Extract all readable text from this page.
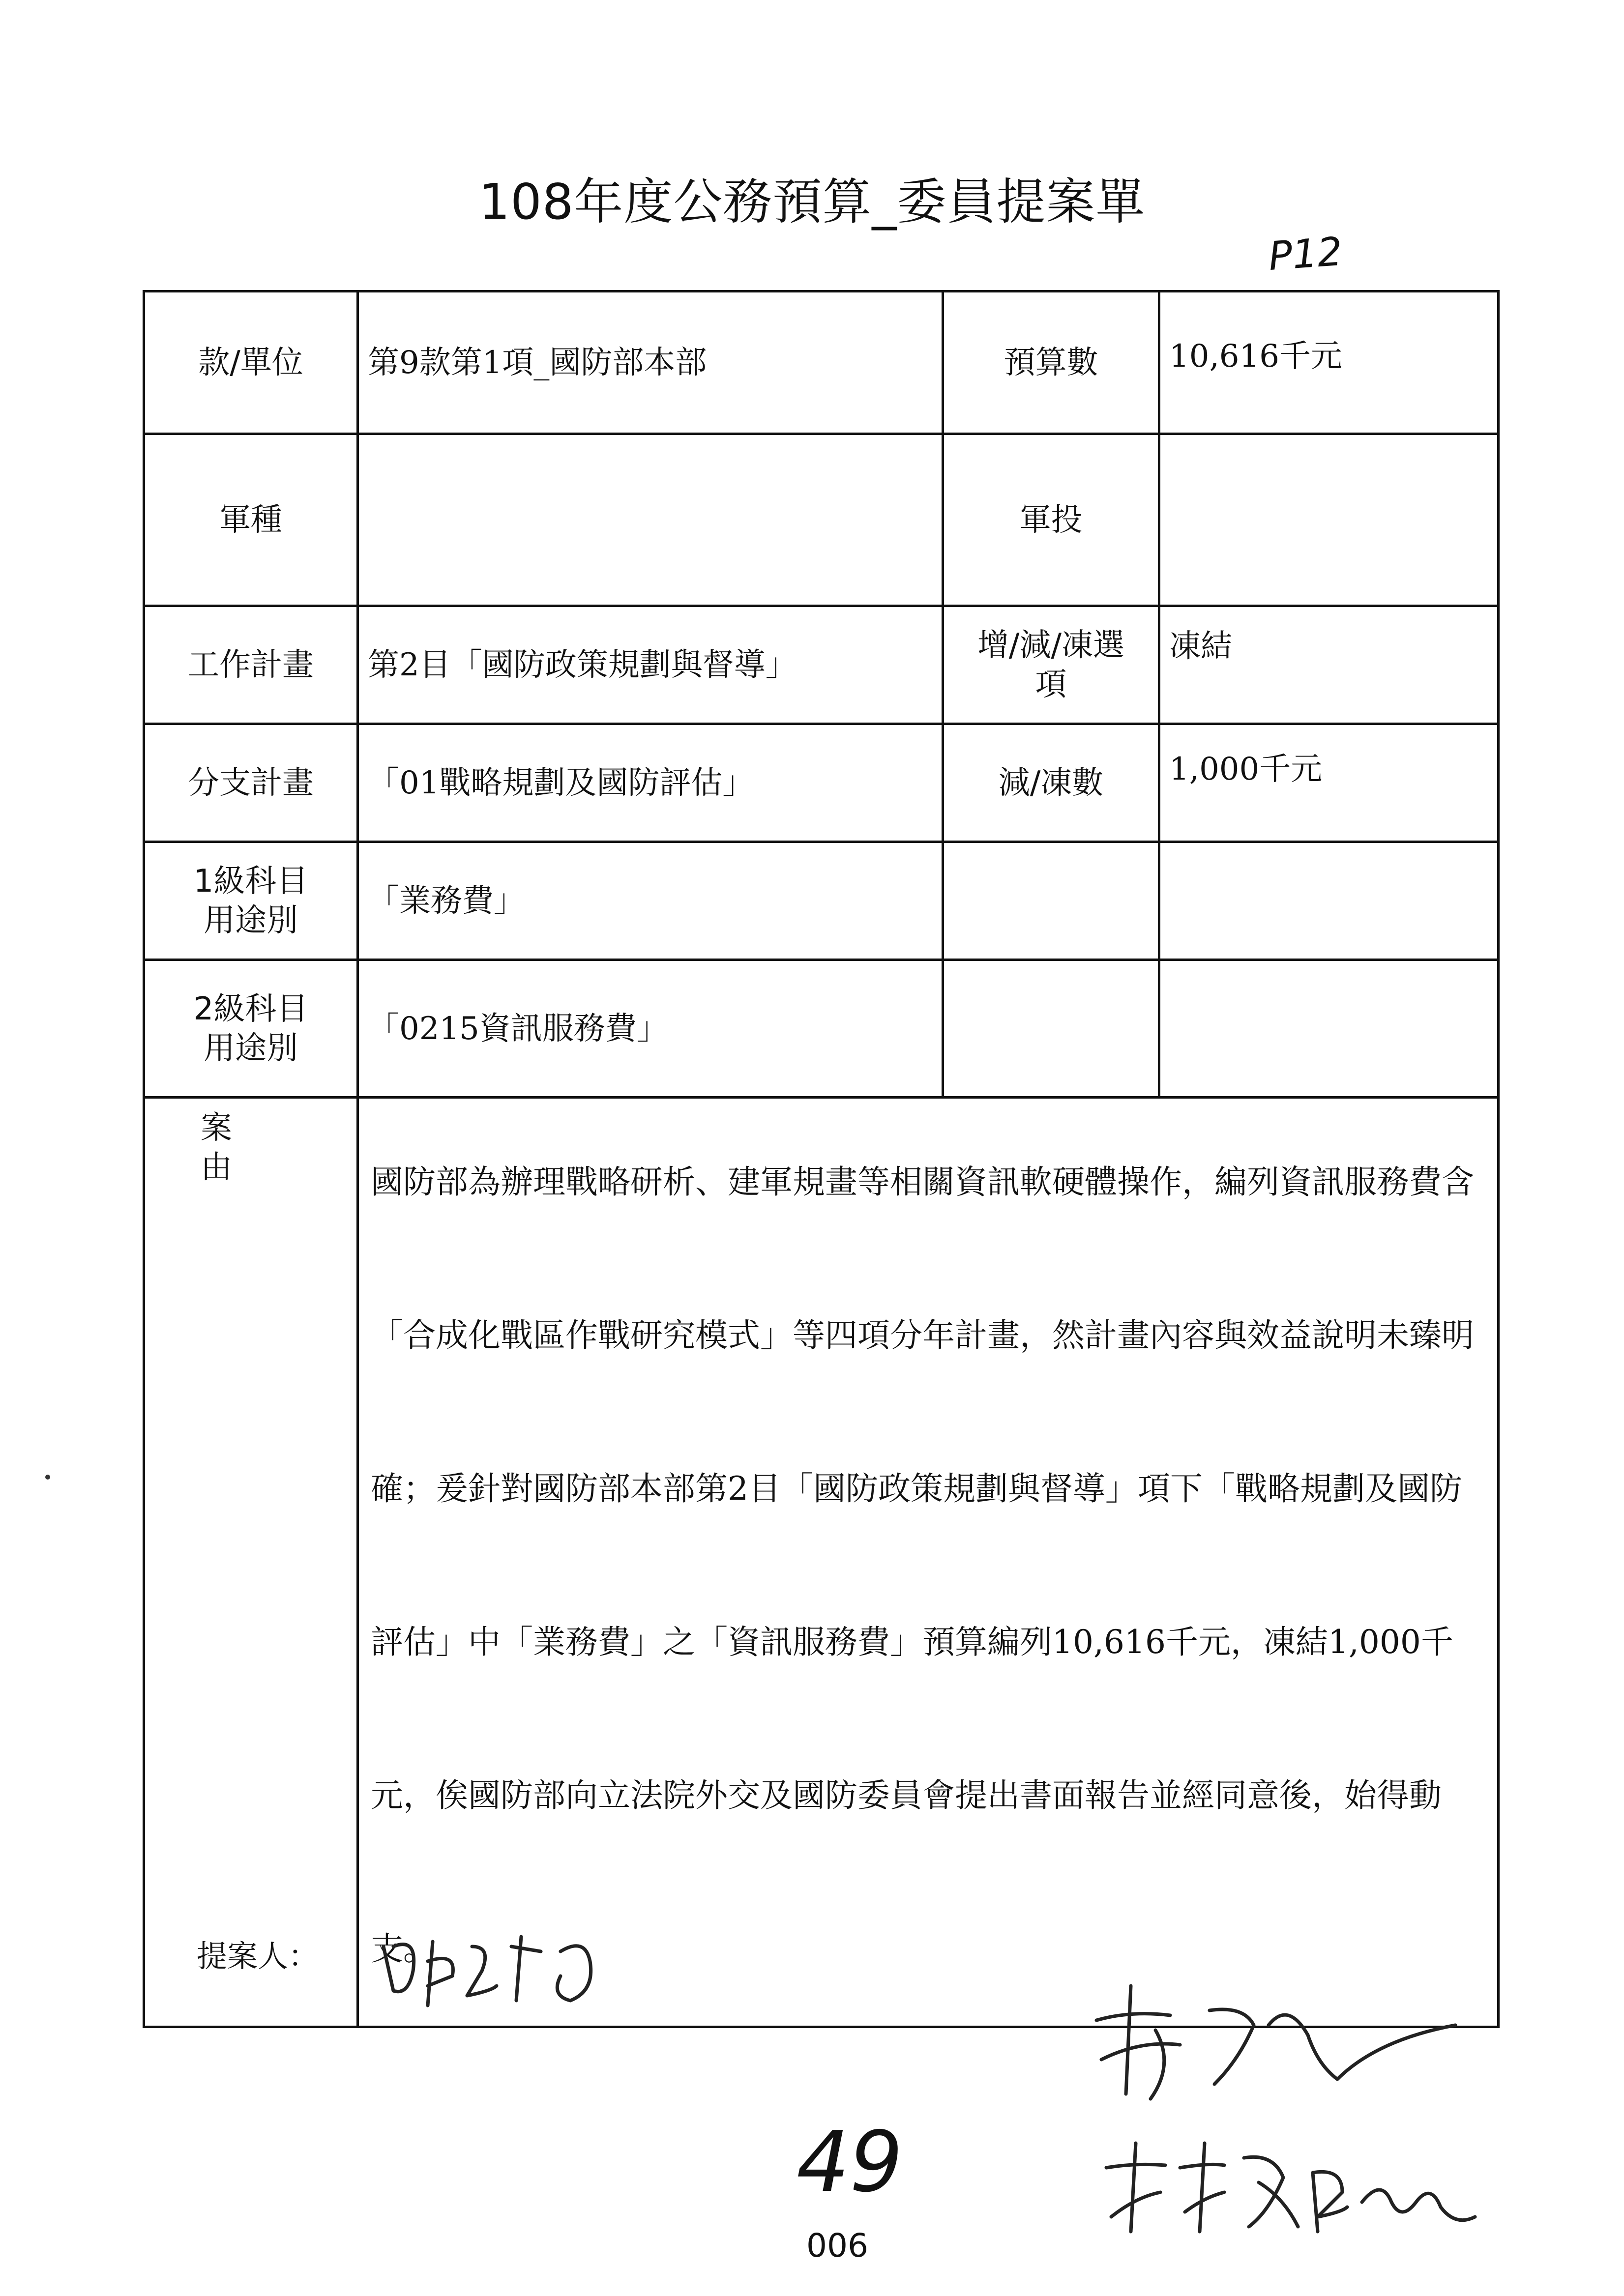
108年度公務預算_委員提案單
P12
款/單位	第9款第1項_國防部本部	預算數	10,616千元
軍種		軍投	
工作計畫	第2目「國防政策規劃與督導」	增/減/凍選項	凍結
分支計畫	「01戰略規劃及國防評估」	減/凍數	1,000千元
1級科目用途別	「業務費」		
2級科目用途別	「0215資訊服務費」		
案由	國防部為辦理戰略研析、建軍規畫等相關資訊軟硬體操作，編列資訊服務費含「合成化戰區作戰研究模式」等四項分年計畫，然計畫內容與效益說明未臻明確；爰針對國防部本部第2目「國防政策規劃與督導」項下「戰略規劃及國防評估」中「業務費」之「資訊服務費」預算編列10,616千元，凍結1,000千元，俟國防部向立法院外交及國防委員會提出書面報告並經同意後，始得動支。		
提案人：
49
006
